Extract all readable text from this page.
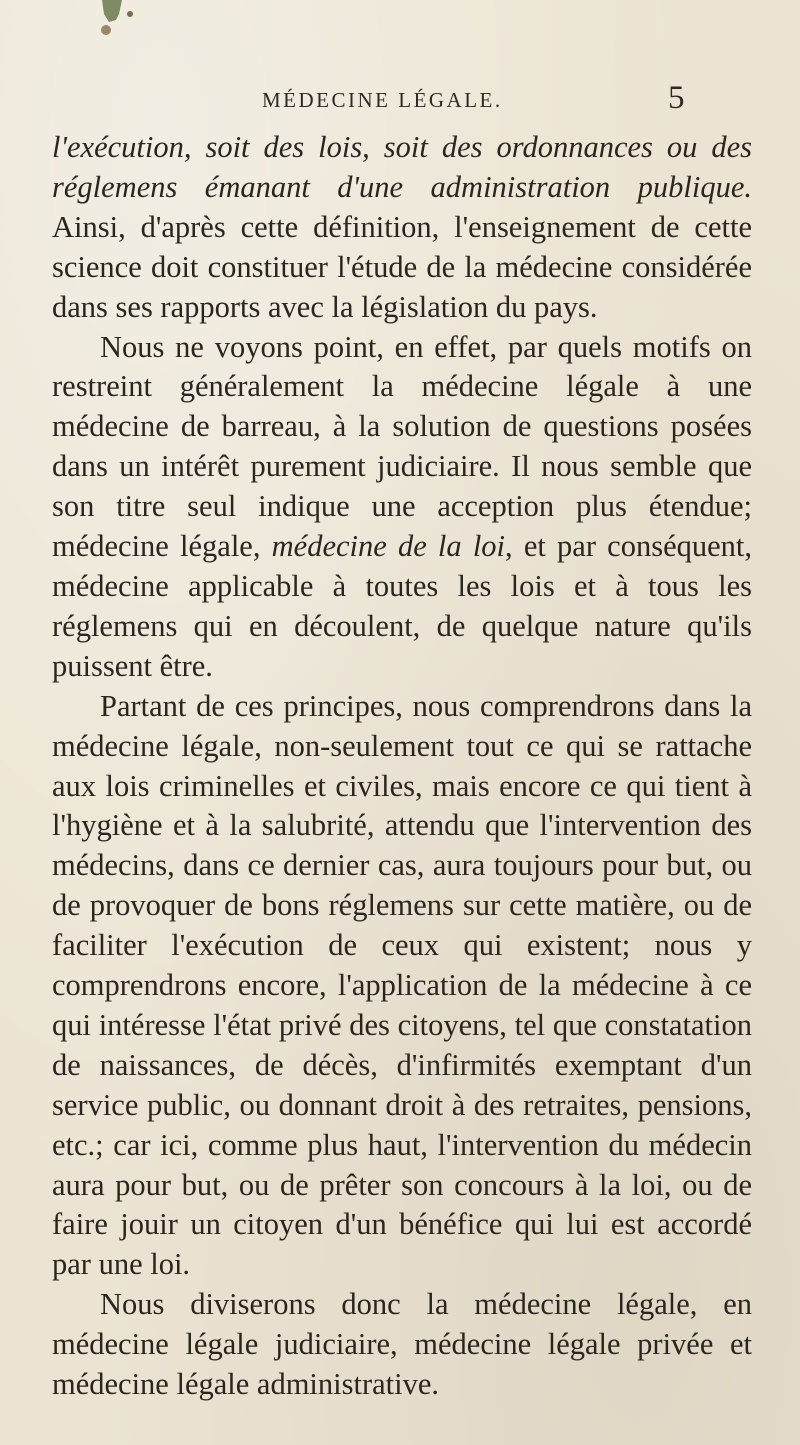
MÉDECINE LÉGALE.	5

l'exécution, soit des lois, soit des ordonnances ou des réglemens émanant d'une administration publique. Ainsi, d'après cette définition, l'enseignement de cette science doit constituer l'étude de la médecine considérée dans ses rapports avec la législation du pays.

Nous ne voyons point, en effet, par quels motifs on restreint généralement la médecine légale à une médecine de barreau, à la solution de questions posées dans un intérêt purement judiciaire. Il nous semble que son titre seul indique une acception plus étendue; médecine légale, médecine de la loi, et par conséquent, médecine applicable à toutes les lois et à tous les réglemens qui en découlent, de quelque nature qu'ils puissent être.

Partant de ces principes, nous comprendrons dans la médecine légale, non-seulement tout ce qui se rattache aux lois criminelles et civiles, mais encore ce qui tient à l'hygiène et à la salubrité, attendu que l'intervention des médecins, dans ce dernier cas, aura toujours pour but, ou de provoquer de bons réglemens sur cette matière, ou de faciliter l'exécution de ceux qui existent; nous y comprendrons encore, l'application de la médecine à ce qui intéresse l'état privé des citoyens, tel que constatation de naissances, de décès, d'infirmités exemptant d'un service public, ou donnant droit à des retraites, pensions, etc.; car ici, comme plus haut, l'intervention du médecin aura pour but, ou de prêter son concours à la loi, ou de faire jouir un citoyen d'un bénéfice qui lui est accordé par une loi.

Nous diviserons donc la médecine légale, en médecine légale judiciaire, médecine légale privée et médecine légale administrative.
